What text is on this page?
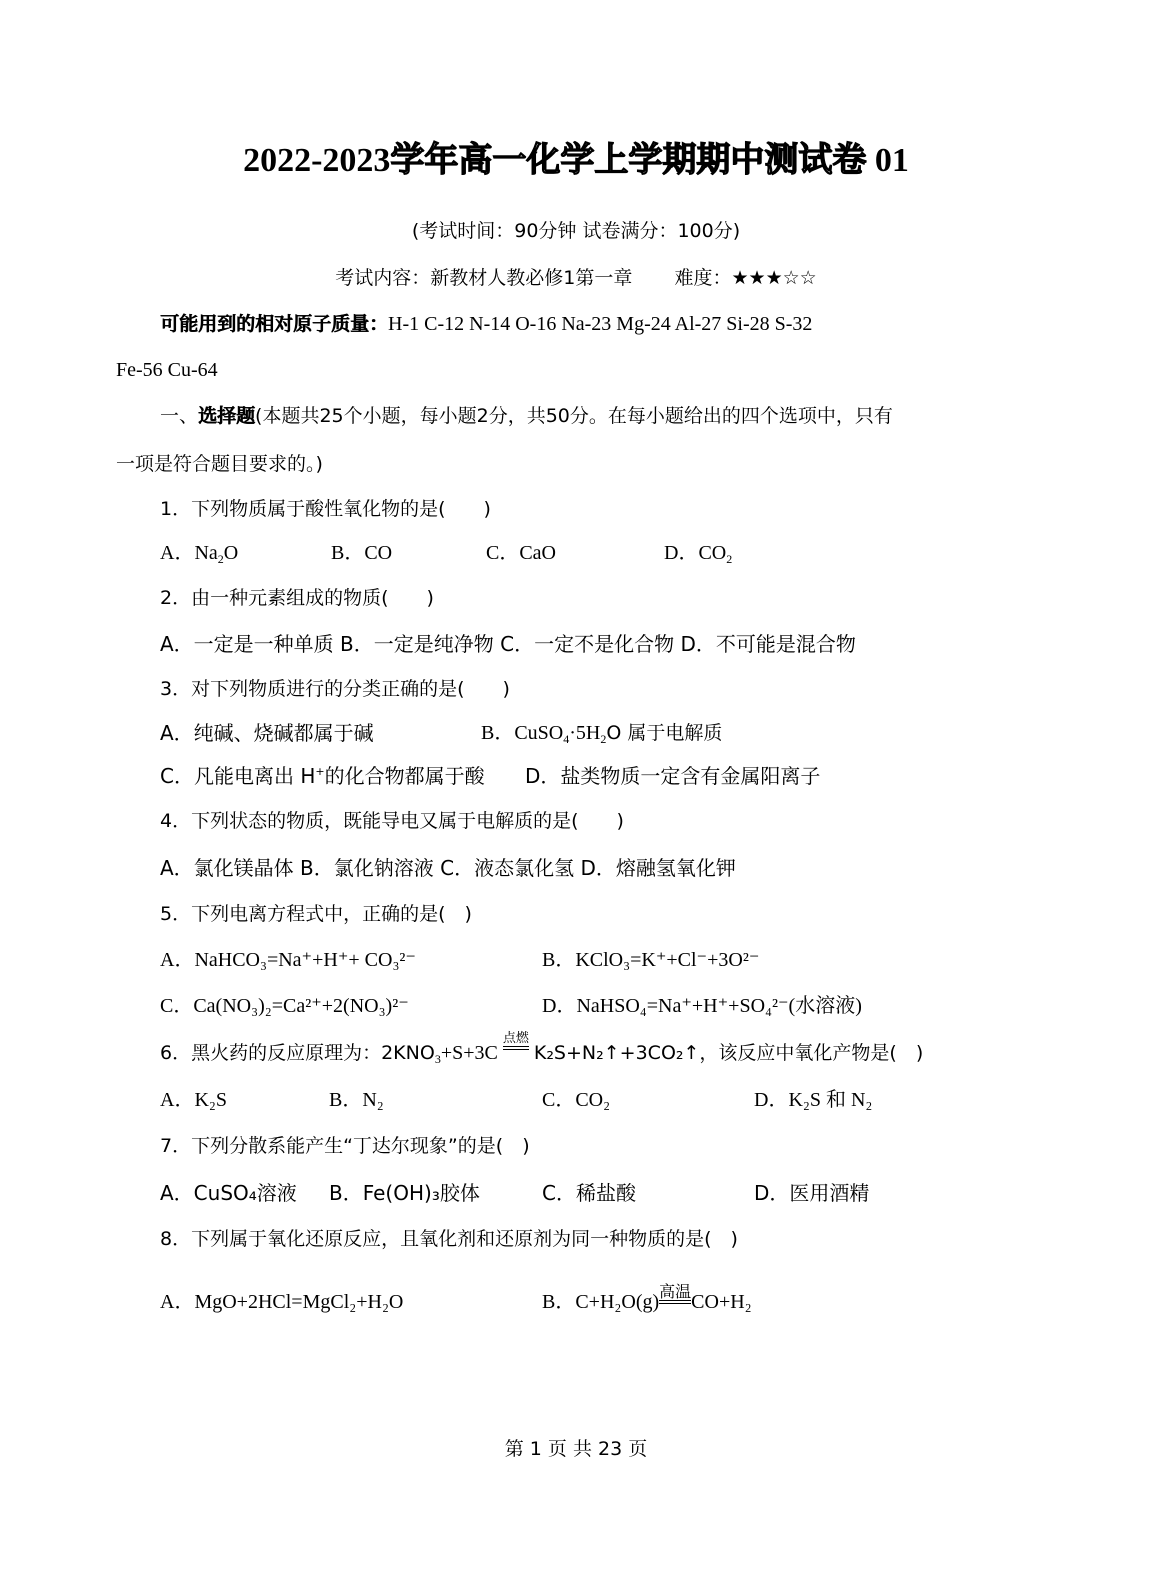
2022-2023学年高一化学上学期期中测试卷 01
(考试时间：90分钟 试卷满分：100分)
考试内容：新教材人教必修1第一章 难度：★★★☆☆
可能用到的相对原子质量：H-1 C-12 N-14 O-16 Na-23 Mg-24 Al-27 Si-28 S-32
Fe-56 Cu-64
一、选择题(本题共25个小题，每小题2分，共50分。在每小题给出的四个选项中，只有
一项是符合题目要求的。)
1．下列物质属于酸性氧化物的是(　　)
A．$Na_2O$	B．CO	C．CaO	D．$CO_2$
2．由一种元素组成的物质(　　)
A．一定是一种单质 B．一定是纯净物 C．一定不是化合物 D．不可能是混合物
3．对下列物质进行的分类正确的是(　　)
A．纯碱、烧碱都属于碱	B．$CuSO_4\cdot 5H_2O$ 属于电解质
C．凡能电离出 H+的化合物都属于酸 D．盐类物质一定含有金属阳离子
4．下列状态的物质，既能导电又属于电解质的是(　　)
A．氯化镁晶体 B．氯化钠溶液 C．液态氯化氢 D．熔融氢氧化钾
5．下列电离方程式中，正确的是(　)
A．NaHCO₃=Na⁺+H⁺+ CO₃²⁻	B．KClO₃=K⁺+Cl⁻+3O²⁻
C．Ca(NO₃)₂=Ca²⁺+2(NO₃)²⁻	D．NaHSO₄=Na⁺+H⁺+SO₄²⁻(水溶液)
6．黑火药的反应原理为：$2KNO_3+S+3C$
点燃
K₂S+N₂↑+3CO₂↑，该反应中氧化产物是(　)
A．K₂S	B．N₂	C．CO₂	D．K₂S 和 N₂
7．下列分散系能产生“丁达尔现象”的是(　)
A．CuSO₄溶液 B．Fe(OH)₃胶体	C．稀盐酸	D．医用酒精
8．下列属于氧化还原反应，且氧化剂和还原剂为同一种物质的是(　)
A．MgO+2HCl=MgCl₂+H₂O	B．C+H₂O(g) 高温 CO+H₂
第 1 页 共 23 页
